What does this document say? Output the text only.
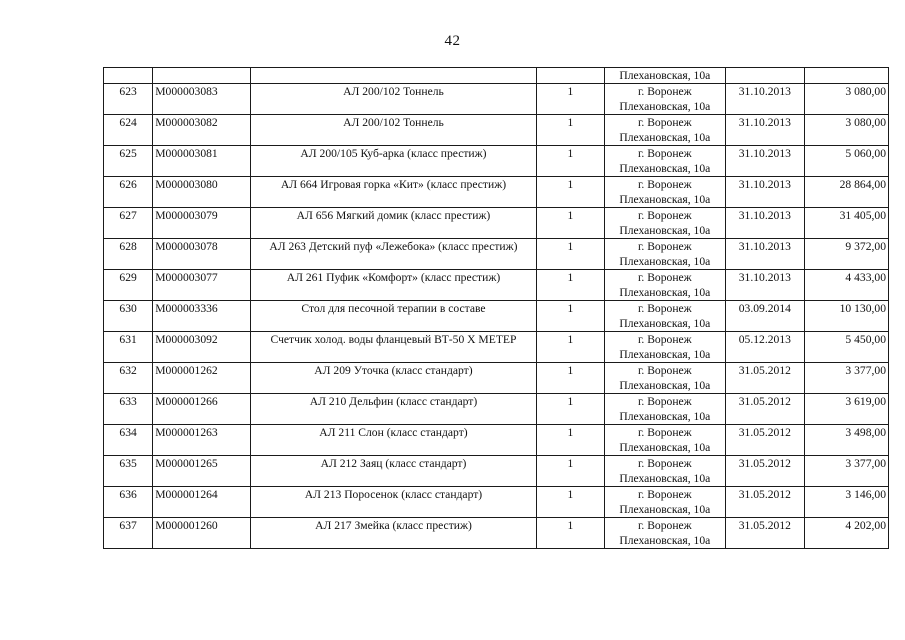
42

				Плехановская, 10а		

623	М000003083	АЛ 200/102 Тоннель	1	г. Воронеж
Плехановская, 10а	31.10.2013	3 080,00
624	М000003082	АЛ 200/102 Тоннель	1	г. Воронеж
Плехановская, 10а	31.10.2013	3 080,00
625	М000003081	АЛ 200/105 Куб-арка (класс престиж)	1	г. Воронеж
Плехановская, 10а	31.10.2013	5 060,00
626	М000003080	АЛ 664 Игровая горка «Кит» (класс престиж)	1	г. Воронеж
Плехановская, 10а	31.10.2013	28 864,00
627	М000003079	АЛ 656 Мягкий домик (класс престиж)	1	г. Воронеж
Плехановская, 10а	31.10.2013	31 405,00
628	М000003078	АЛ 263 Детский пуф «Лежебока» (класс престиж)	1	г. Воронеж
Плехановская, 10а	31.10.2013	9 372,00
629	М000003077	АЛ 261 Пуфик «Комфорт» (класс престиж)	1	г. Воронеж
Плехановская, 10а	31.10.2013	4 433,00
630	М000003336	Стол для песочной терапии в составе	1	г. Воронеж
Плехановская, 10а	03.09.2014	10 130,00
631	М000003092	Счетчик холод. воды фланцевый ВТ-50 Х МЕТЕР	1	г. Воронеж
Плехановская, 10а	05.12.2013	5 450,00
632	М000001262	АЛ 209 Уточка (класс стандарт)	1	г. Воронеж
Плехановская, 10а	31.05.2012	3 377,00
633	М000001266	АЛ 210 Дельфин (класс стандарт)	1	г. Воронеж
Плехановская, 10а	31.05.2012	3 619,00
634	М000001263	АЛ 211 Слон (класс стандарт)	1	г. Воронеж
Плехановская, 10а	31.05.2012	3 498,00
635	М000001265	АЛ 212 Заяц (класс стандарт)	1	г. Воронеж
Плехановская, 10а	31.05.2012	3 377,00
636	М000001264	АЛ 213 Поросенок (класс стандарт)	1	г. Воронеж
Плехановская, 10а	31.05.2012	3 146,00
637	М000001260	АЛ 217 Змейка (класс престиж)	1	г. Воронеж
Плехановская, 10а	31.05.2012	4 202,00
